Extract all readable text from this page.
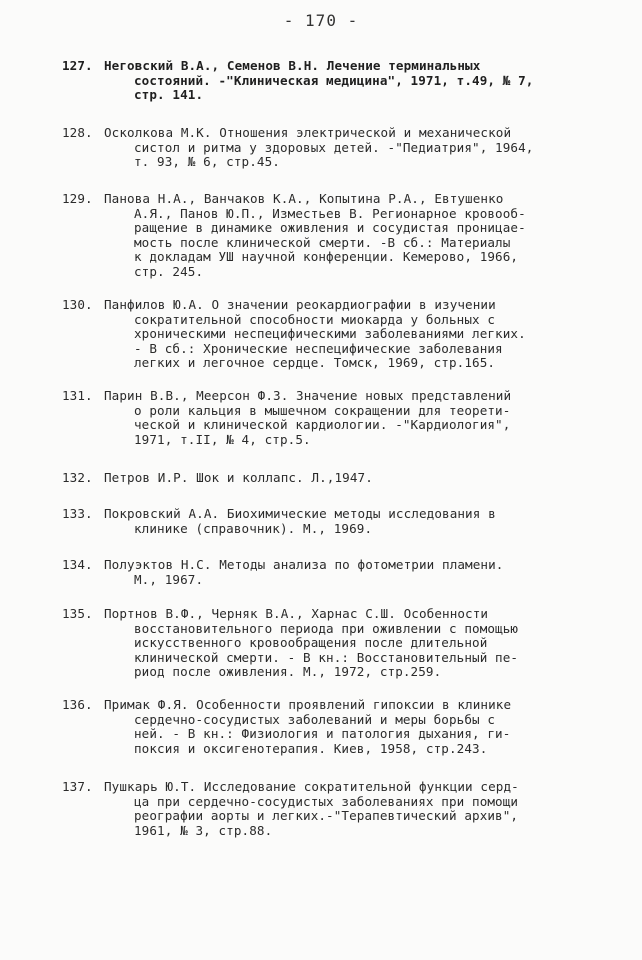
- 170 -
127. Неговский В.А., Семенов В.Н. Лечение терминальных
состояний. -"Клиническая медицина", 1971, т.49, № 7,
стр. 141.
128. Осколкова М.К. Отношения электрической и механической
систол и ритма у здоровых детей. -"Педиатрия", 1964,
т. 93, № 6, стр.45.
129. Панова Н.А., Ванчаков К.А., Копытина Р.А., Евтушенко
А.Я., Панов Ю.П., Изместьев В. Регионарное кровооб-
ращение в динамике оживления и сосудистая проницае-
мость после клинической смерти. -В сб.: Материалы
к докладам УШ научной конференции. Кемерово, 1966,
стр. 245.
130. Панфилов Ю.А. О значении реокардиографии в изучении
сократительной способности миокарда у больных с
хроническими неспецифическими заболеваниями легких.
- В сб.: Хронические неспецифические заболевания
легких и легочное сердце. Томск, 1969, стр.165.
131. Парин В.В., Меерсон Ф.З. Значение новых представлений
о роли кальция в мышечном сокращении для теорети-
ческой и клинической кардиологии. -"Кардиология",
1971, т.II, № 4, стр.5.
132. Петров И.Р. Шок и коллапс. Л.,1947.
133. Покровский А.А. Биохимические методы исследования в
клинике (справочник). М., 1969.
134. Полуэктов Н.С. Методы анализа по фотометрии пламени.
М., 1967.
135. Портнов В.Ф., Черняк В.А., Харнас С.Ш. Особенности
восстановительного периода при оживлении с помощью
искусственного кровообращения после длительной
клинической смерти. - В кн.: Восстановительный пе-
риод после оживления. М., 1972, стр.259.
136. Примак Ф.Я. Особенности проявлений гипоксии в клинике
сердечно-сосудистых заболеваний и меры борьбы с
ней. - В кн.: Физиология и патология дыхания, ги-
поксия и оксигенотерапия. Киев, 1958, стр.243.
137. Пушкарь Ю.Т. Исследование сократительной функции серд-
ца при сердечно-сосудистых заболеваниях при помощи
реографии аорты и легких.-"Терапевтический архив",
1961, № 3, стр.88.
